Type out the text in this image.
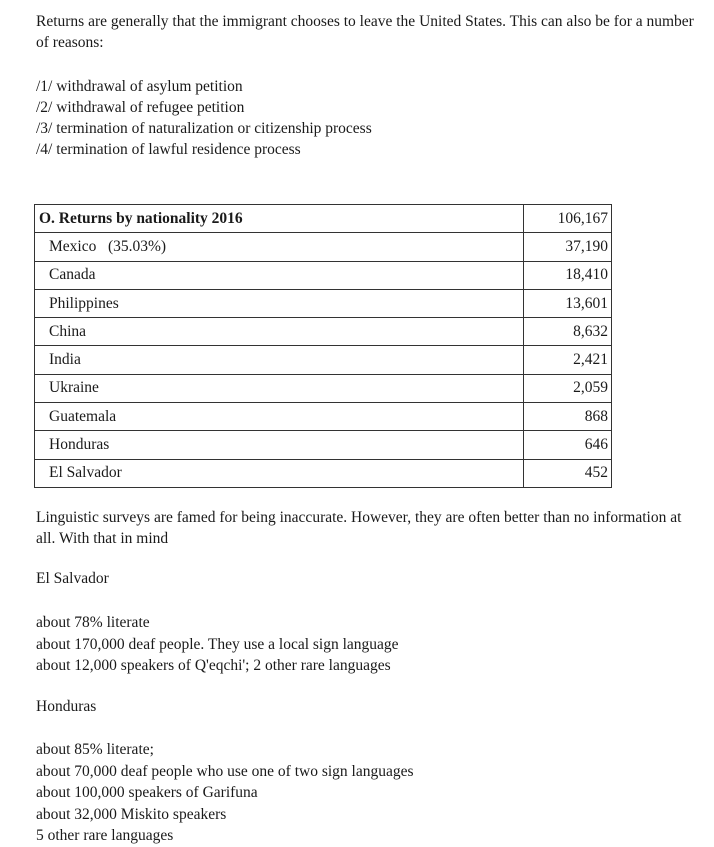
Returns are generally that the immigrant chooses to leave the United States. This can also be for a number of reasons:

/1/ withdrawal of asylum petition
/2/ withdrawal of refugee petition
/3/ termination of naturalization or citizenship process
/4/ termination of lawful residence process
O. Returns by nationality 2016	106,167
Mexico   (35.03%)	37,190
Canada	18,410
Philippines	13,601
China	8,632
India	2,421
Ukraine	2,059
Guatemala	868
Honduras	646
El Salvador	452

Linguistic surveys are famed for being inaccurate. However, they are often better than no information at all. With that in mind

El Salvador
about 78% literate
about 170,000 deaf people. They use a local sign language
about 12,000 speakers of Q'eqchi'; 2 other rare languages
Honduras
about 85% literate;
about 70,000 deaf people who use one of two sign languages
about 100,000 speakers of Garifuna
about 32,000 Miskito speakers
5 other rare languages
